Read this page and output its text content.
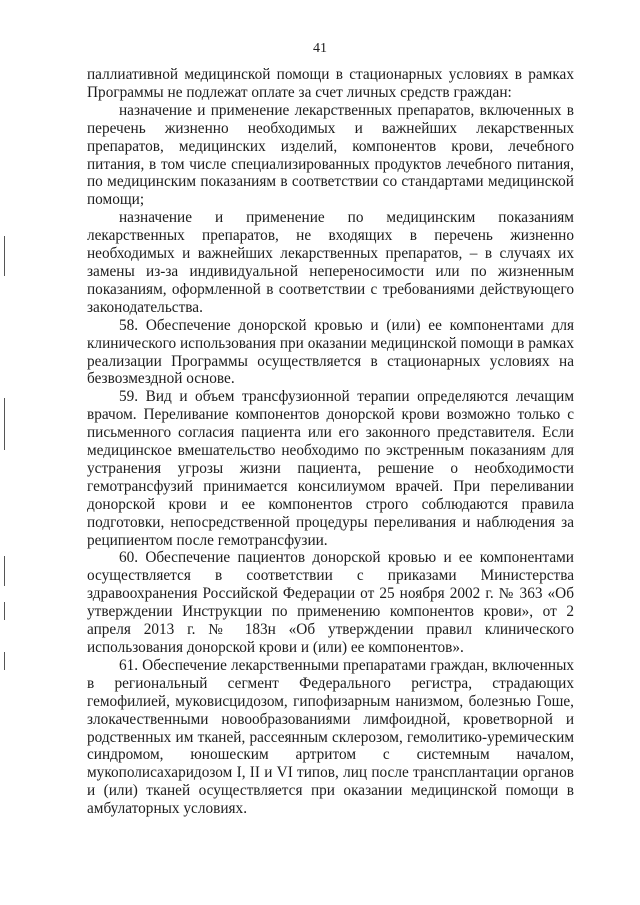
41

паллиативной медицинской помощи в стационарных условиях в рамках Программы не подлежат оплате за счет личных средств граждан:

назначение и применение лекарственных препаратов, включенных в перечень жизненно необходимых и важнейших лекарственных препаратов, медицинских изделий, компонентов крови, лечебного питания, в том числе специализированных продуктов лечебного питания, по медицинским показаниям в соответствии со стандартами медицинской помощи;

назначение и применение по медицинским показаниям лекарственных препаратов, не входящих в перечень жизненно необходимых и важнейших лекарственных препаратов, – в случаях их замены из-за индивидуальной непереносимости или по жизненным показаниям, оформленной в соответствии с требованиями действующего законодательства.

58. Обеспечение донорской кровью и (или) ее компонентами для клинического использования при оказании медицинской помощи в рамках реализации Программы осуществляется в стационарных условиях на безвозмездной основе.

59. Вид и объем трансфузионной терапии определяются лечащим врачом. Переливание компонентов донорской крови возможно только с письменного согласия пациента или его законного представителя. Если медицинское вмешательство необходимо по экстренным показаниям для устранения угрозы жизни пациента, решение о необходимости гемотрансфузий принимается консилиумом врачей. При переливании донорской крови и ее компонентов строго соблюдаются правила подготовки, непосредственной процедуры переливания и наблюдения за реципиентом после гемотрансфузии.

60. Обеспечение пациентов донорской кровью и ее компонентами осуществляется в соответствии с приказами Министерства здравоохранения Российской Федерации от 25 ноября 2002 г. № 363 «Об утверждении Инструкции по применению компонентов крови», от 2 апреля 2013 г. № 183н «Об утверждении правил клинического использования донорской крови и (или) ее компонентов».

61. Обеспечение лекарственными препаратами граждан, включенных в региональный сегмент Федерального регистра, страдающих гемофилией, муковисцидозом, гипофизарным нанизмом, болезнью Гоше, злокачественными новообразованиями лимфоидной, кроветворной и родственных им тканей, рассеянным склерозом, гемолитико-уремическим синдромом, юношеским артритом с системным началом, мукополисахаридозом I, II и VI типов, лиц после трансплантации органов и (или) тканей осуществляется при оказании медицинской помощи в амбулаторных условиях.
